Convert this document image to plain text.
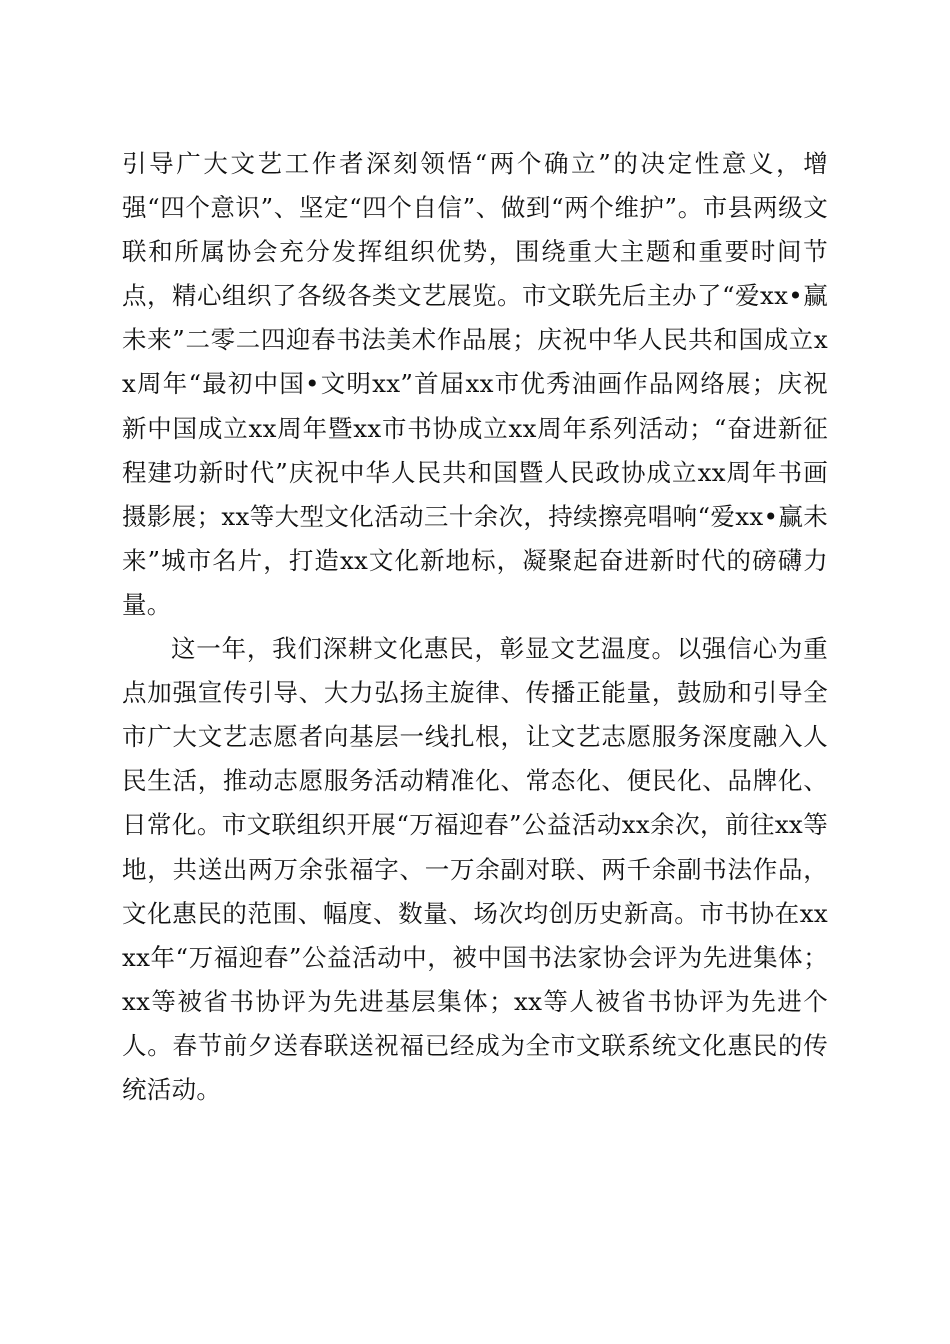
引导广大文艺工作者深刻领悟“两个确立”的决定性意义，增强“四个意识”、坚定“四个自信”、做到“两个维护”。市县两级文联和所属协会充分发挥组织优势，围绕重大主题和重要时间节点，精心组织了各级各类文艺展览。市文联先后主办了“爱xx•赢未来”二零二四迎春书法美术作品展；庆祝中华人民共和国成立xx周年“最初中国•文明xx”首届xx市优秀油画作品网络展；庆祝新中国成立xx周年暨xx市书协成立xx周年系列活动；“奋进新征程建功新时代”庆祝中华人民共和国暨人民政协成立xx周年书画摄影展；xx等大型文化活动三十余次，持续擦亮唱响“爱xx•赢未来”城市名片，打造xx文化新地标，凝聚起奋进新时代的磅礴力量。

这一年，我们深耕文化惠民，彰显文艺温度。以强信心为重点加强宣传引导、大力弘扬主旋律、传播正能量，鼓励和引导全市广大文艺志愿者向基层一线扎根，让文艺志愿服务深度融入人民生活，推动志愿服务活动精准化、常态化、便民化、品牌化、日常化。市文联组织开展“万福迎春”公益活动xx余次，前往xx等地，共送出两万余张福字、一万余副对联、两千余副书法作品，文化惠民的范围、幅度、数量、场次均创历史新高。市书协在xxxx年“万福迎春”公益活动中，被中国书法家协会评为先进集体；xx等被省书协评为先进基层集体；xx等人被省书协评为先进个人。春节前夕送春联送祝福已经成为全市文联系统文化惠民的传统活动。
